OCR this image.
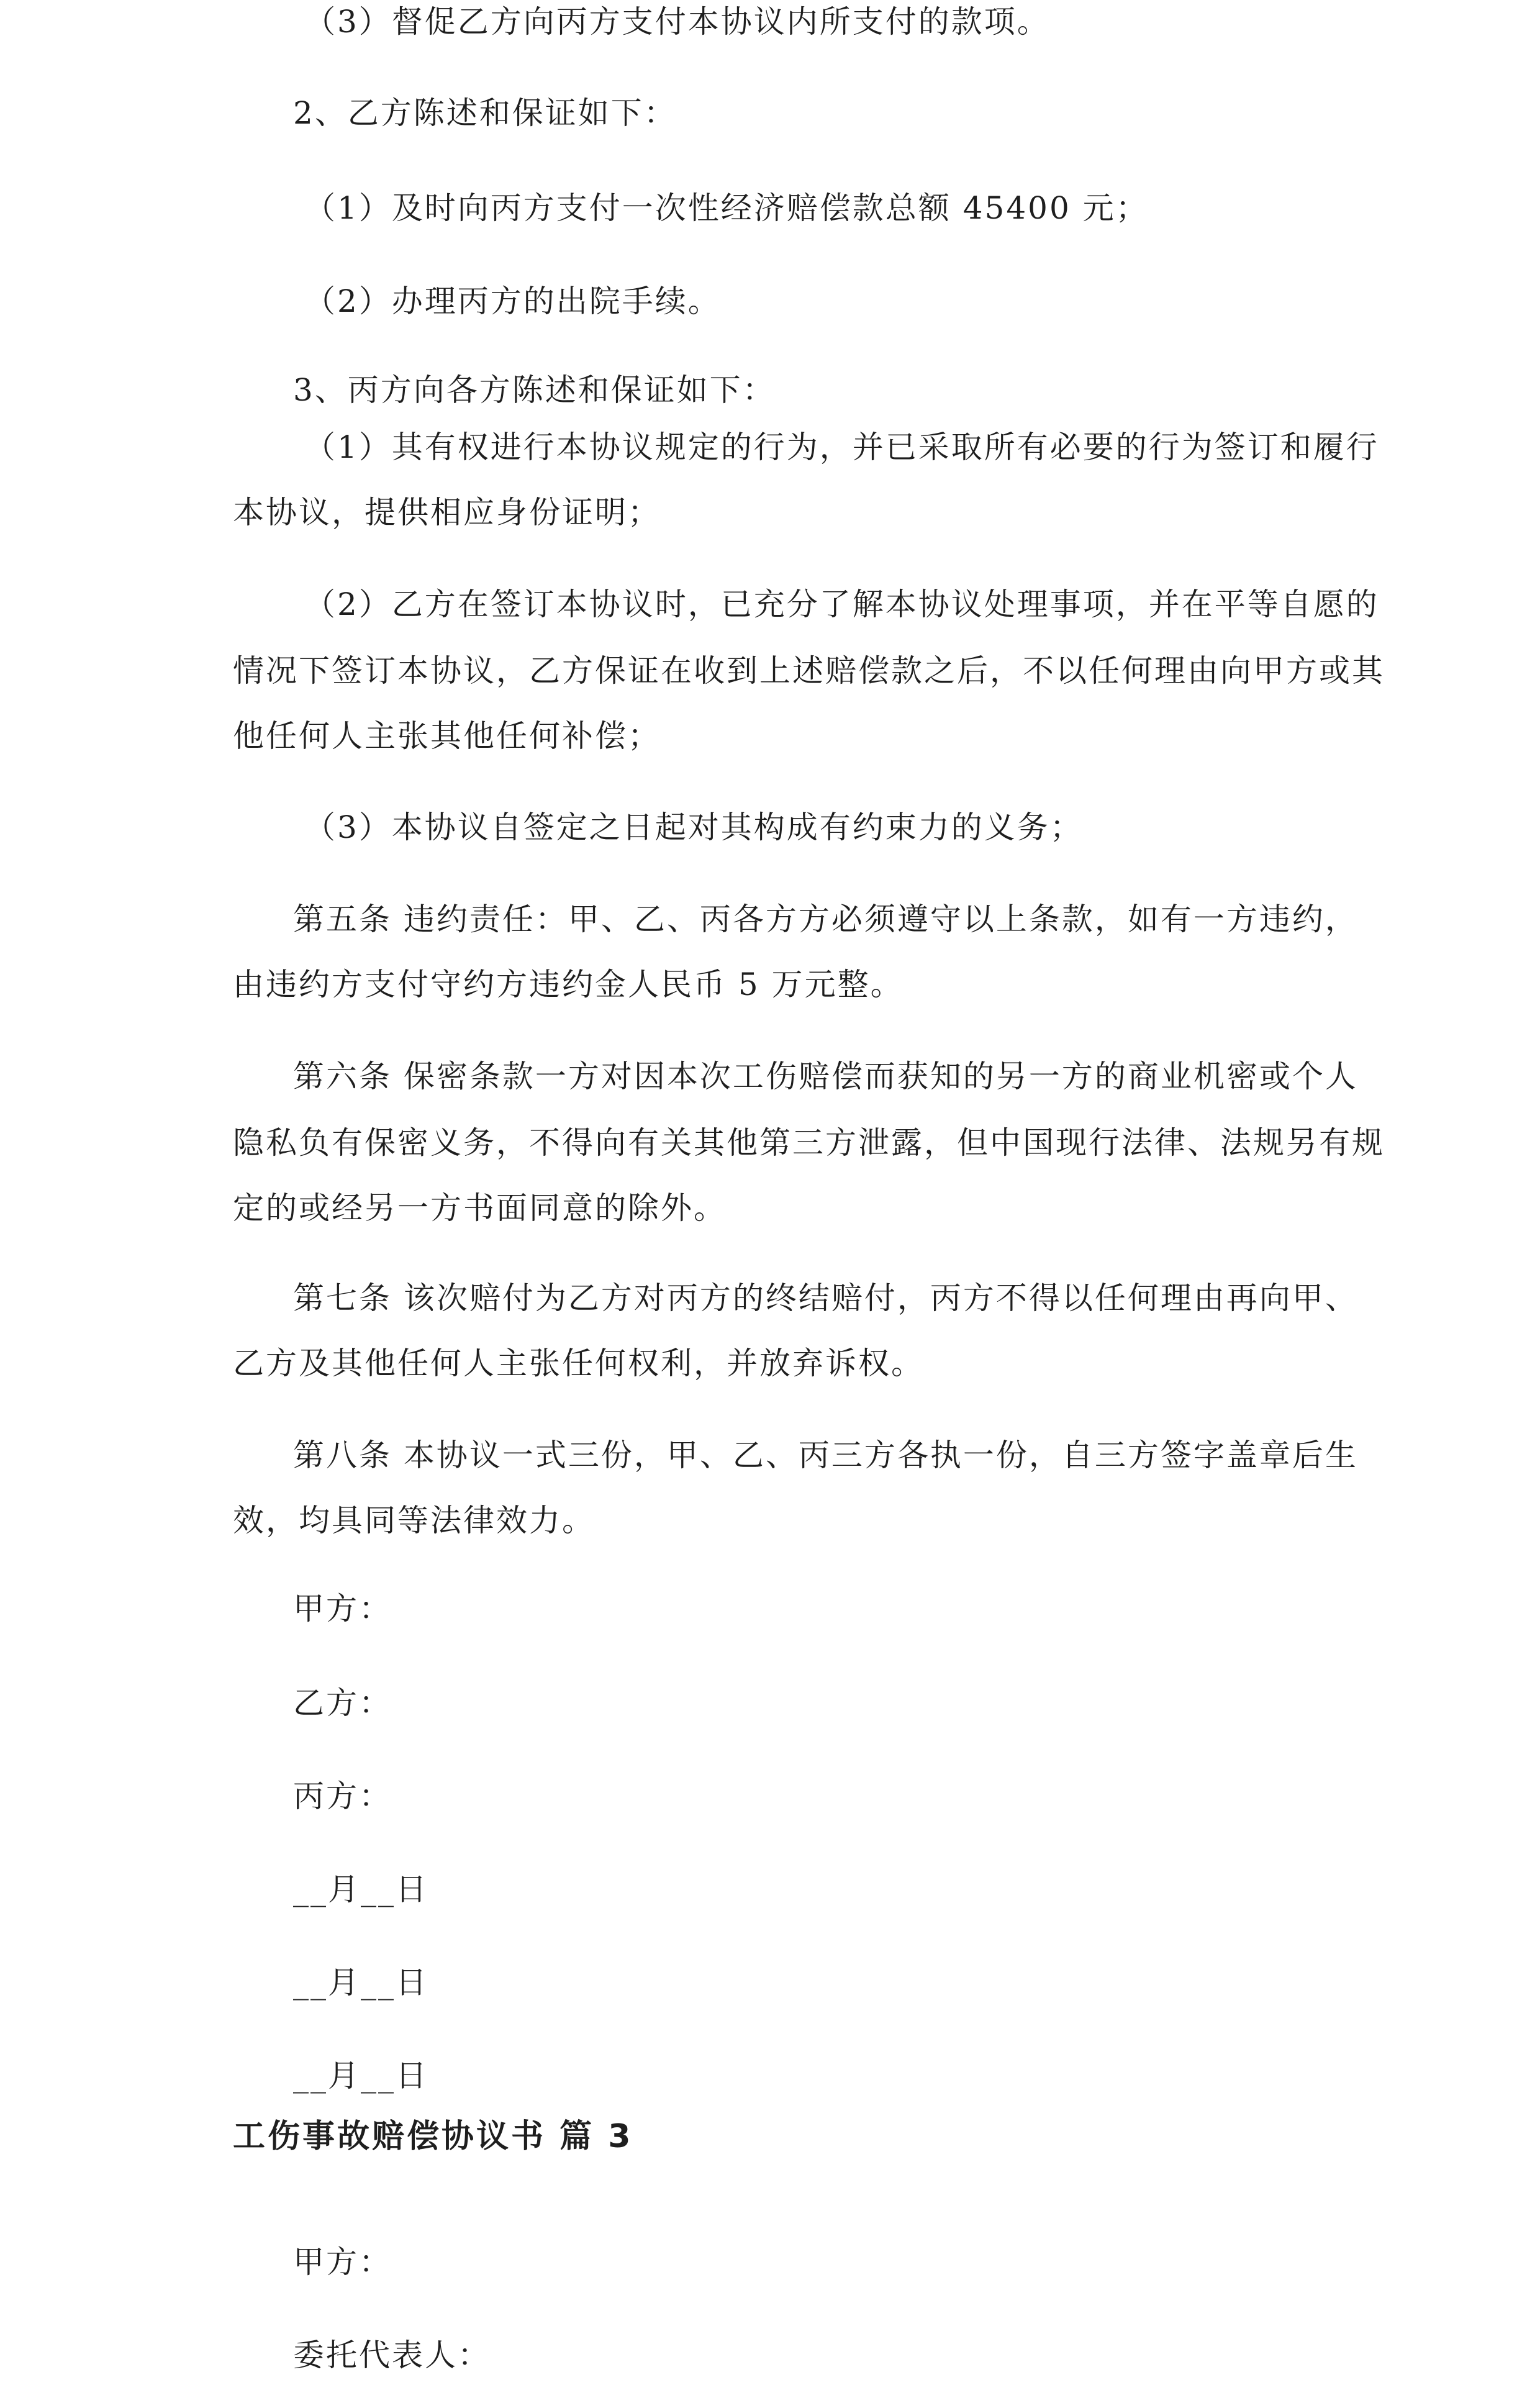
（3）督促乙方向丙方支付本协议内所支付的款项。
2、乙方陈述和保证如下：
（1）及时向丙方支付一次性经济赔偿款总额 45400 元；
（2）办理丙方的出院手续。
3、丙方向各方陈述和保证如下：
（1）其有权进行本协议规定的行为，并已采取所有必要的行为签订和履行
本协议，提供相应身份证明；
（2）乙方在签订本协议时，已充分了解本协议处理事项，并在平等自愿的
情况下签订本协议，乙方保证在收到上述赔偿款之后，不以任何理由向甲方或其
他任何人主张其他任何补偿；
（3）本协议自签定之日起对其构成有约束力的义务；
第五条 违约责任：甲、乙、丙各方方必须遵守以上条款，如有一方违约，
由违约方支付守约方违约金人民币 5 万元整。
第六条 保密条款一方对因本次工伤赔偿而获知的另一方的商业机密或个人
隐私负有保密义务，不得向有关其他第三方泄露，但中国现行法律、法规另有规
定的或经另一方书面同意的除外。
第七条 该次赔付为乙方对丙方的终结赔付，丙方不得以任何理由再向甲、
乙方及其他任何人主张任何权利，并放弃诉权。
第八条 本协议一式三份，甲、乙、丙三方各执一份，自三方签字盖章后生
效，均具同等法律效力。
甲方：
乙方：
丙方：
__月__日
__月__日
__月__日
工伤事故赔偿协议书 篇 3
甲方：
委托代表人：
